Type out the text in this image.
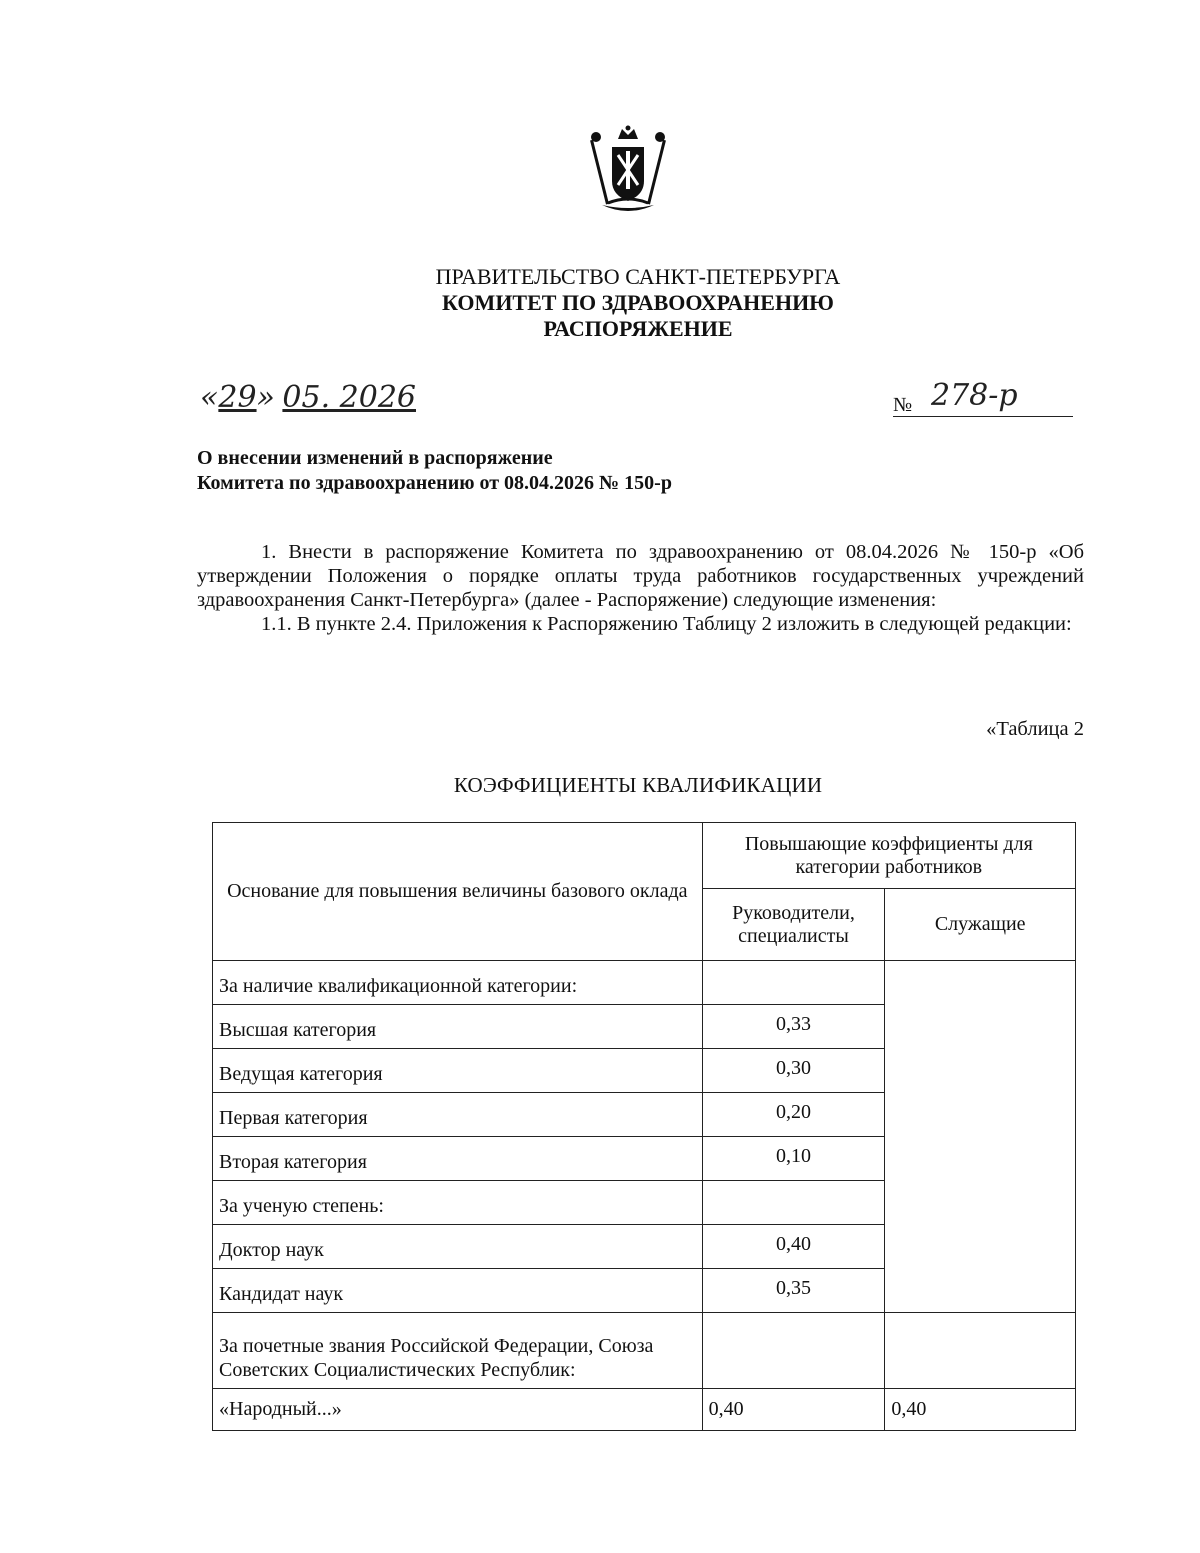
ПРАВИТЕЛЬСТВО САНКТ-ПЕТЕРБУРГА
КОМИТЕТ ПО ЗДРАВООХРАНЕНИЮ
РАСПОРЯЖЕНИЕ
«29» 05. 2026	№ 278-р
О внесении изменений в распоряжение
Комитета по здравоохранению от 08.04.2026 № 150-р

1. Внести в распоряжение Комитета по здравоохранению от 08.04.2026 № 150-р «Об утверждении Положения о порядке оплаты труда работников государственных учреждений здравоохранения Санкт-Петербурга» (далее - Распоряжение) следующие изменения:

1.1. В пункте 2.4. Приложения к Распоряжению Таблицу 2 изложить в следующей редакции:

«Таблица 2
КОЭФФИЦИЕНТЫ КВАЛИФИКАЦИИ
Основание для повышения величины базового оклада	Повышающие коэффициенты для категории работников	
	Руководители, специалисты	Служащие
За наличие квалификационной категории:		
Высшая категория	0,33	
Ведущая категория	0,30	
Первая категория	0,20	
Вторая категория	0,10	
За ученую степень:		
Доктор наук	0,40	
Кандидат наук	0,35	
За почетные звания Российской Федерации, Союза Советских Социалистических Республик:		
«Народный...»	0,40	0,40
